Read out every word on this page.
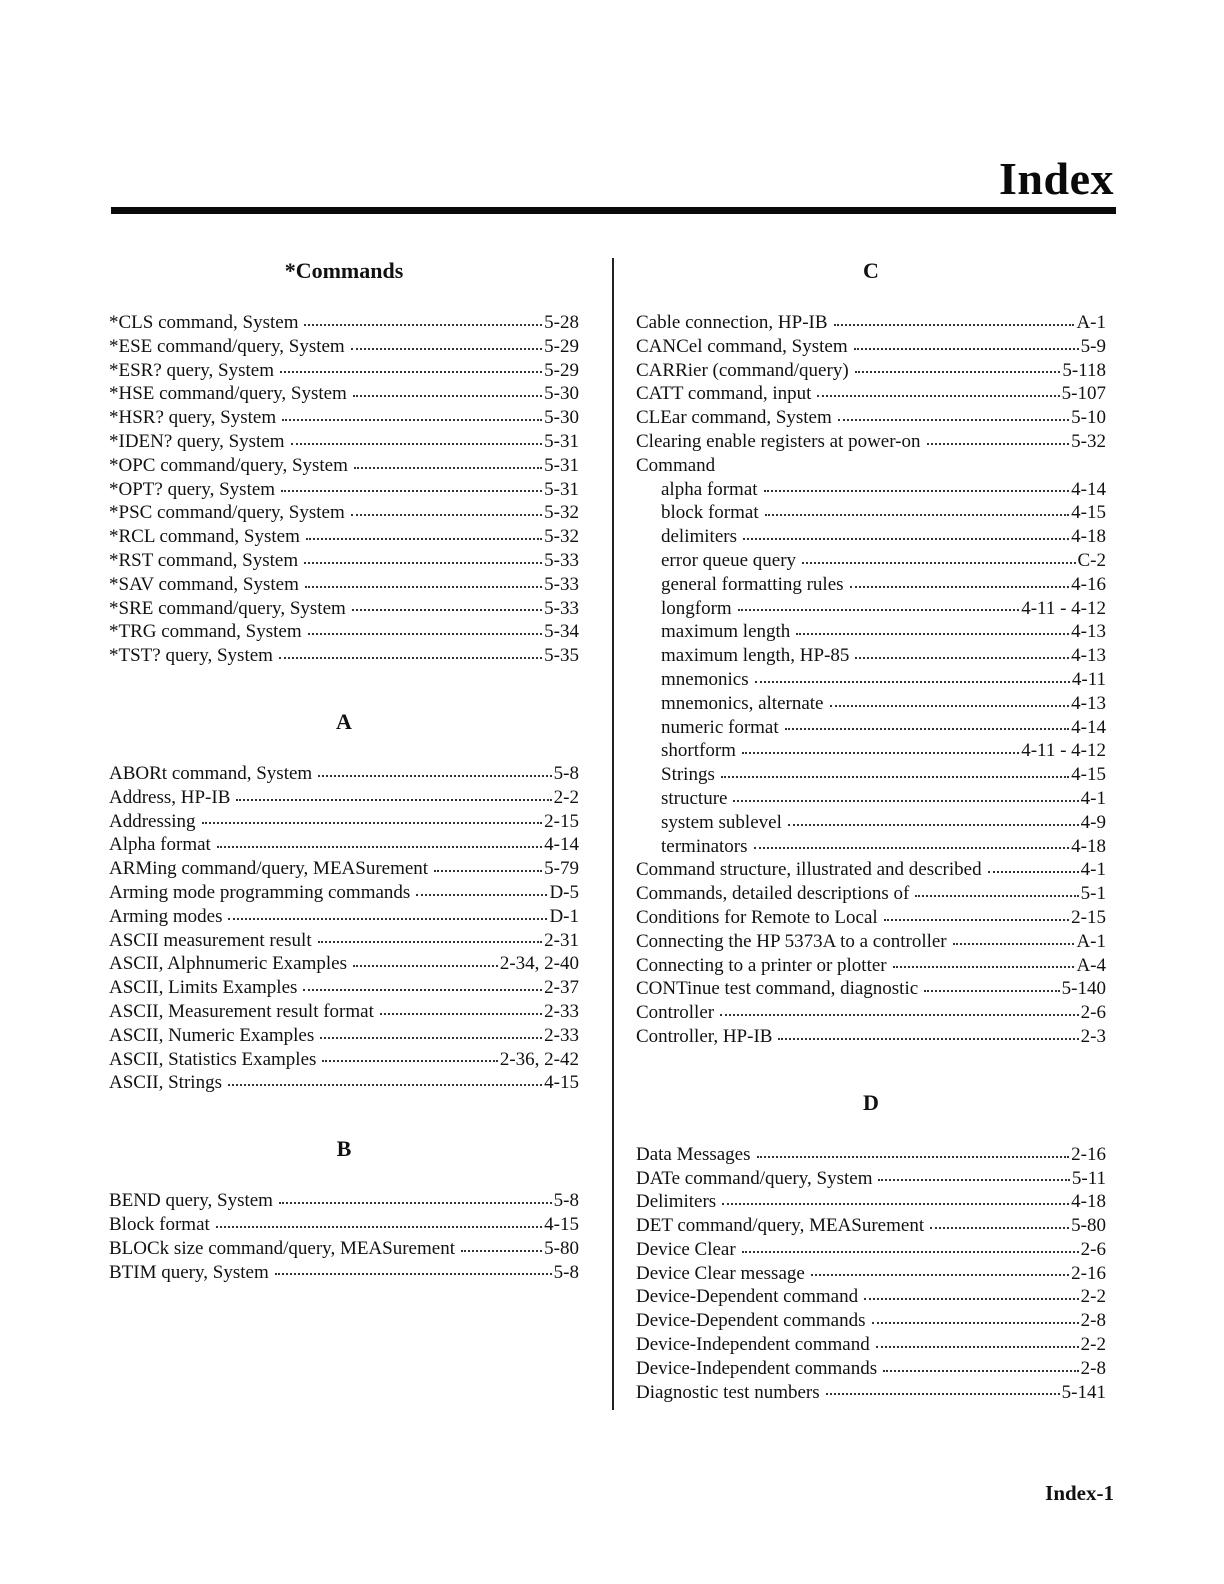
Index
*Commands
*CLS command, System	5-28
*ESE command/query, System	5-29
*ESR? query, System	5-29
*HSE command/query, System	5-30
*HSR? query, System	5-30
*IDEN? query, System	5-31
*OPC command/query, System	5-31
*OPT? query, System	5-31
*PSC command/query, System	5-32
*RCL command, System	5-32
*RST command, System	5-33
*SAV command, System	5-33
*SRE command/query, System	5-33
*TRG command, System	5-34
*TST? query, System	5-35
A
ABORt command, System	5-8
Address, HP-IB	2-2
Addressing	2-15
Alpha format	4-14
ARMing command/query, MEASurement	5-79
Arming mode programming commands	D-5
Arming modes	D-1
ASCII measurement result	2-31
ASCII, Alphnumeric Examples	2-34, 2-40
ASCII, Limits Examples	2-37
ASCII, Measurement result format	2-33
ASCII, Numeric Examples	2-33
ASCII, Statistics Examples	2-36, 2-42
ASCII, Strings	4-15
B
BEND query, System	5-8
Block format	4-15
BLOCk size command/query, MEASurement	5-80
BTIM query, System	5-8
C
Cable connection, HP-IB	A-1
CANCel command, System	5-9
CARRier (command/query)	5-118
CATT command, input	5-107
CLEar command, System	5-10
Clearing enable registers at power-on	5-32
Command
alpha format	4-14
block format	4-15
delimiters	4-18
error queue query	C-2
general formatting rules	4-16
longform	4-11 - 4-12
maximum length	4-13
maximum length, HP-85	4-13
mnemonics	4-11
mnemonics, alternate	4-13
numeric format	4-14
shortform	4-11 - 4-12
Strings	4-15
structure	4-1
system sublevel	4-9
terminators	4-18
Command structure, illustrated and described	4-1
Commands, detailed descriptions of	5-1
Conditions for Remote to Local	2-15
Connecting the HP 5373A to a controller	A-1
Connecting to a printer or plotter	A-4
CONTinue test command, diagnostic	5-140
Controller	2-6
Controller, HP-IB	2-3
D
Data Messages	2-16
DATe command/query, System	5-11
Delimiters	4-18
DET command/query, MEASurement	5-80
Device Clear	2-6
Device Clear message	2-16
Device-Dependent command	2-2
Device-Dependent commands	2-8
Device-Independent command	2-2
Device-Independent commands	2-8
Diagnostic test numbers	5-141
Index-1
